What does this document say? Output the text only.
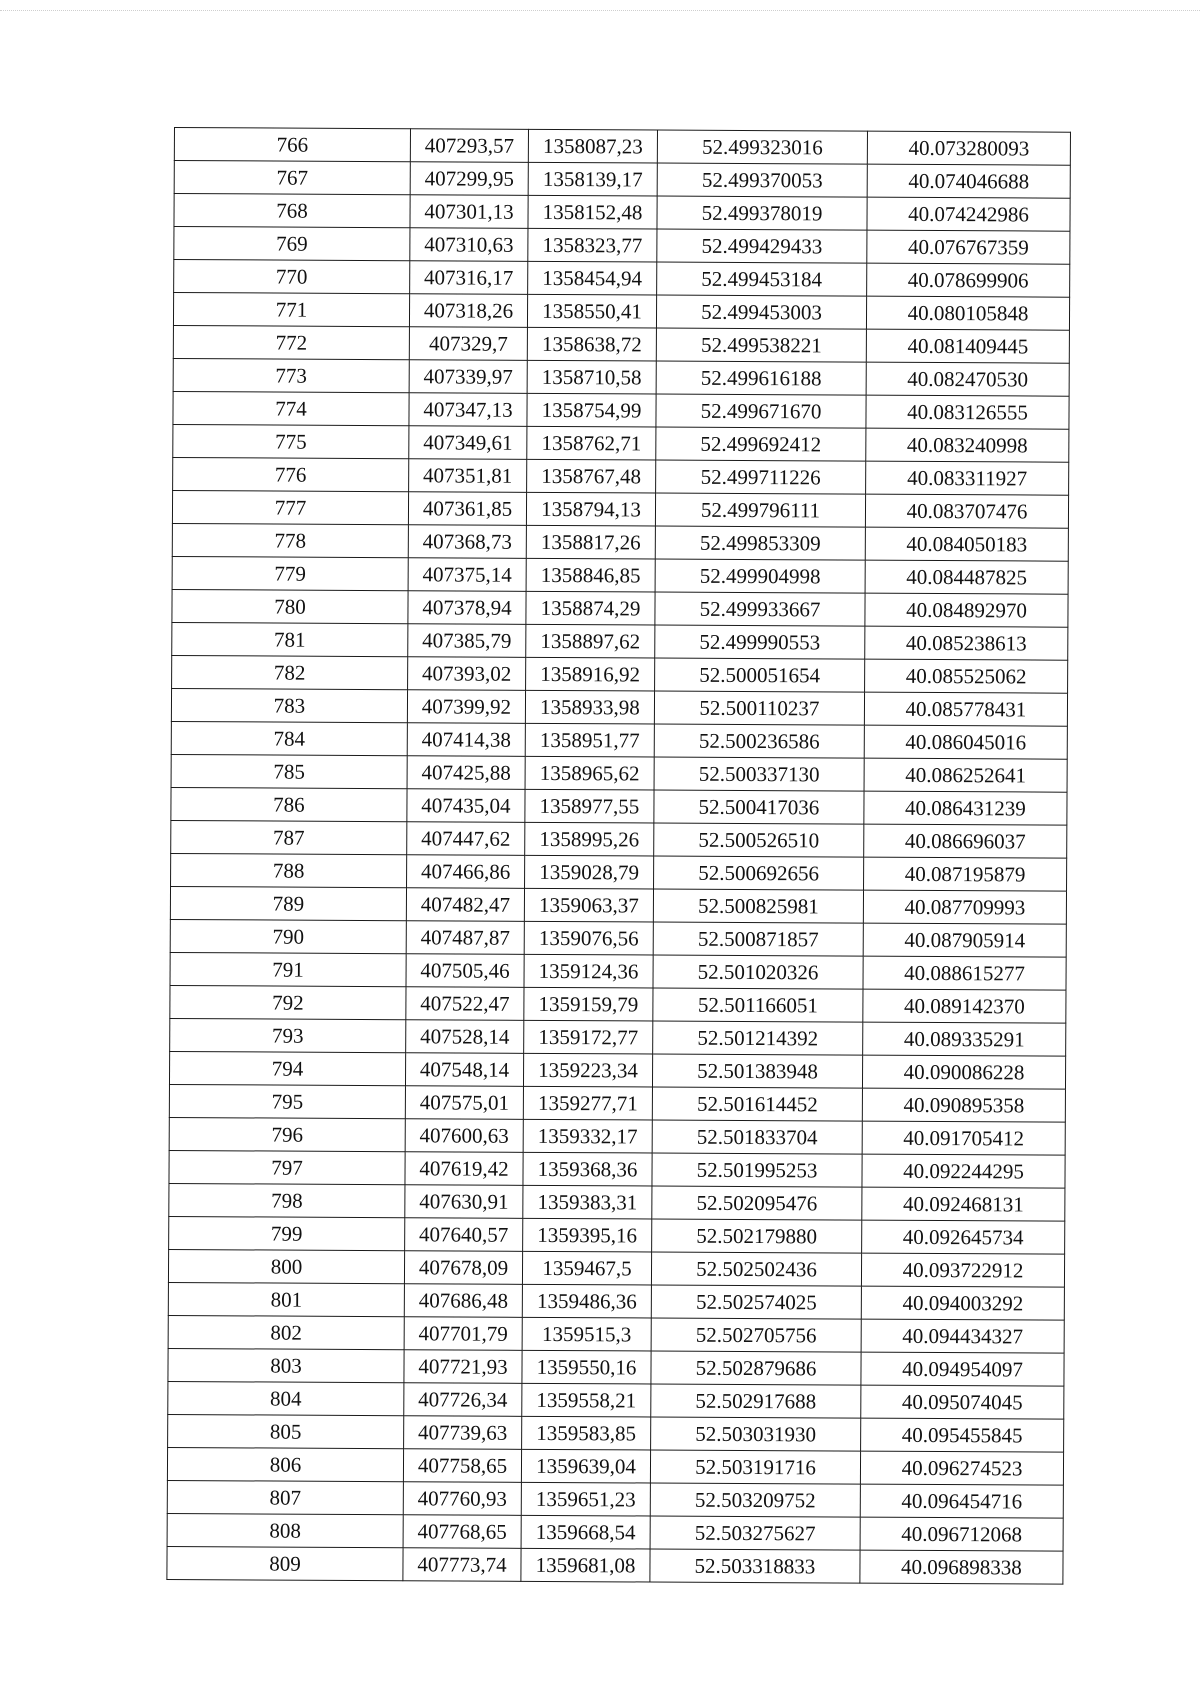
766	407293,57	1358087,23	52.499323016	40.073280093
767	407299,95	1358139,17	52.499370053	40.074046688
768	407301,13	1358152,48	52.499378019	40.074242986
769	407310,63	1358323,77	52.499429433	40.076767359
770	407316,17	1358454,94	52.499453184	40.078699906
771	407318,26	1358550,41	52.499453003	40.080105848
772	407329,7	1358638,72	52.499538221	40.081409445
773	407339,97	1358710,58	52.499616188	40.082470530
774	407347,13	1358754,99	52.499671670	40.083126555
775	407349,61	1358762,71	52.499692412	40.083240998
776	407351,81	1358767,48	52.499711226	40.083311927
777	407361,85	1358794,13	52.499796111	40.083707476
778	407368,73	1358817,26	52.499853309	40.084050183
779	407375,14	1358846,85	52.499904998	40.084487825
780	407378,94	1358874,29	52.499933667	40.084892970
781	407385,79	1358897,62	52.499990553	40.085238613
782	407393,02	1358916,92	52.500051654	40.085525062
783	407399,92	1358933,98	52.500110237	40.085778431
784	407414,38	1358951,77	52.500236586	40.086045016
785	407425,88	1358965,62	52.500337130	40.086252641
786	407435,04	1358977,55	52.500417036	40.086431239
787	407447,62	1358995,26	52.500526510	40.086696037
788	407466,86	1359028,79	52.500692656	40.087195879
789	407482,47	1359063,37	52.500825981	40.087709993
790	407487,87	1359076,56	52.500871857	40.087905914
791	407505,46	1359124,36	52.501020326	40.088615277
792	407522,47	1359159,79	52.501166051	40.089142370
793	407528,14	1359172,77	52.501214392	40.089335291
794	407548,14	1359223,34	52.501383948	40.090086228
795	407575,01	1359277,71	52.501614452	40.090895358
796	407600,63	1359332,17	52.501833704	40.091705412
797	407619,42	1359368,36	52.501995253	40.092244295
798	407630,91	1359383,31	52.502095476	40.092468131
799	407640,57	1359395,16	52.502179880	40.092645734
800	407678,09	1359467,5	52.502502436	40.093722912
801	407686,48	1359486,36	52.502574025	40.094003292
802	407701,79	1359515,3	52.502705756	40.094434327
803	407721,93	1359550,16	52.502879686	40.094954097
804	407726,34	1359558,21	52.502917688	40.095074045
805	407739,63	1359583,85	52.503031930	40.095455845
806	407758,65	1359639,04	52.503191716	40.096274523
807	407760,93	1359651,23	52.503209752	40.096454716
808	407768,65	1359668,54	52.503275627	40.096712068
809	407773,74	1359681,08	52.503318833	40.096898338
